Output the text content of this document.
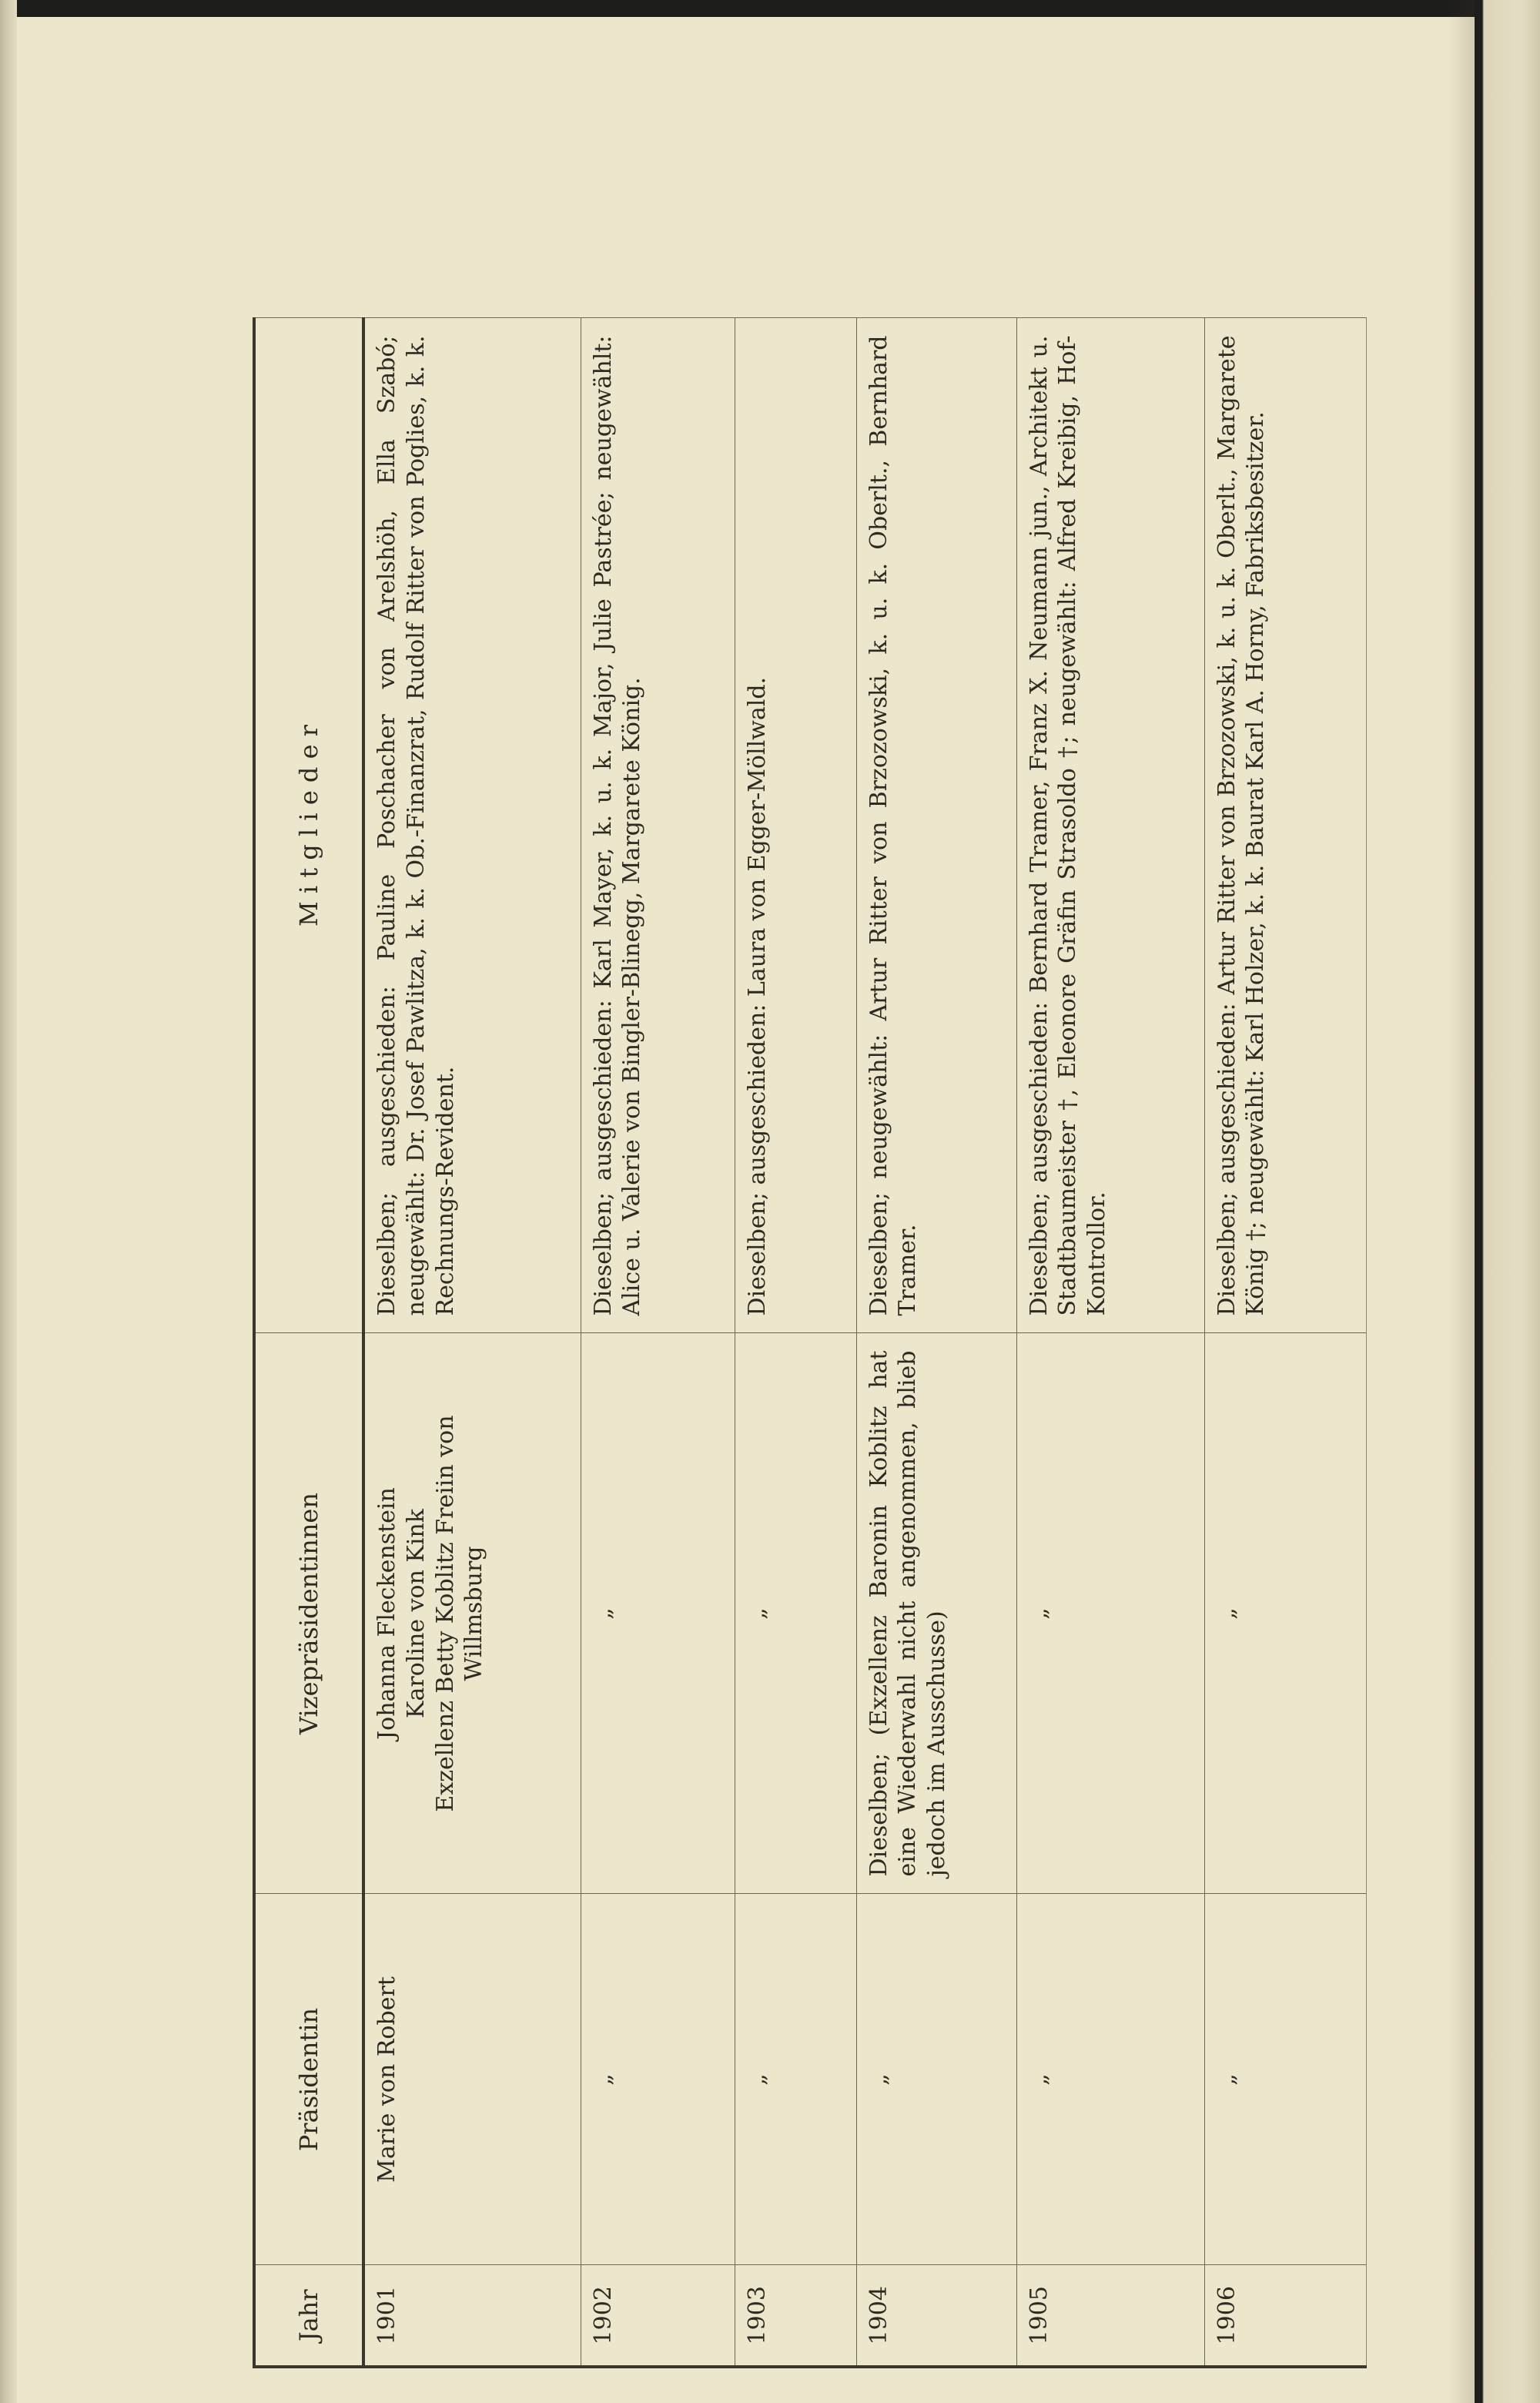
Jahr	Präsidentin	Vizepräsidentinnen	M i t g l i e d e r
1901	Marie von Robert	Johanna Fleckenstein Karoline von Kink Exzellenz Betty Koblitz Freiin von Willmsburg	Dieselben; ausgeschieden: Pauline Poschacher von Arelshöh, Ella Szabó; neugewählt: Dr. Josef Pawlitza, k. k. Ob.-Finanzrat, Rudolf Ritter von Poglies, k. k. Rechnungs-Revident.
1902	„	„	Dieselben; ausgeschieden: Karl Mayer, k. u. k. Major, Julie Pastrée; neugewählt: Alice u. Valerie von Bingler-Blinegg, Margarete König.
1903	„	„	Dieselben; ausgeschieden: Laura von Egger-Möllwald.
1904	„	Dieselben; (Exzellenz Baronin Koblitz hat eine Wiederwahl nicht angenommen, blieb jedoch im Ausschusse)	Dieselben; neugewählt: Artur Ritter von Brzozowski, k. u. k. Oberlt., Bernhard Tramer.
1905	„	„	Dieselben; ausgeschieden: Bernhard Tramer, Franz X. Neumann jun., Architekt u. Stadtbaumeister †, Eleonore Gräfin Strasoldo †; neugewählt: Alfred Kreibig, Hof-Kontrollor.
1906	„	„	Dieselben; ausgeschieden: Artur Ritter von Brzozowski, k. u. k. Oberlt., Margarete König †; neugewählt: Karl Holzer, k. k. Baurat Karl A. Horny, Fabriksbesitzer.
